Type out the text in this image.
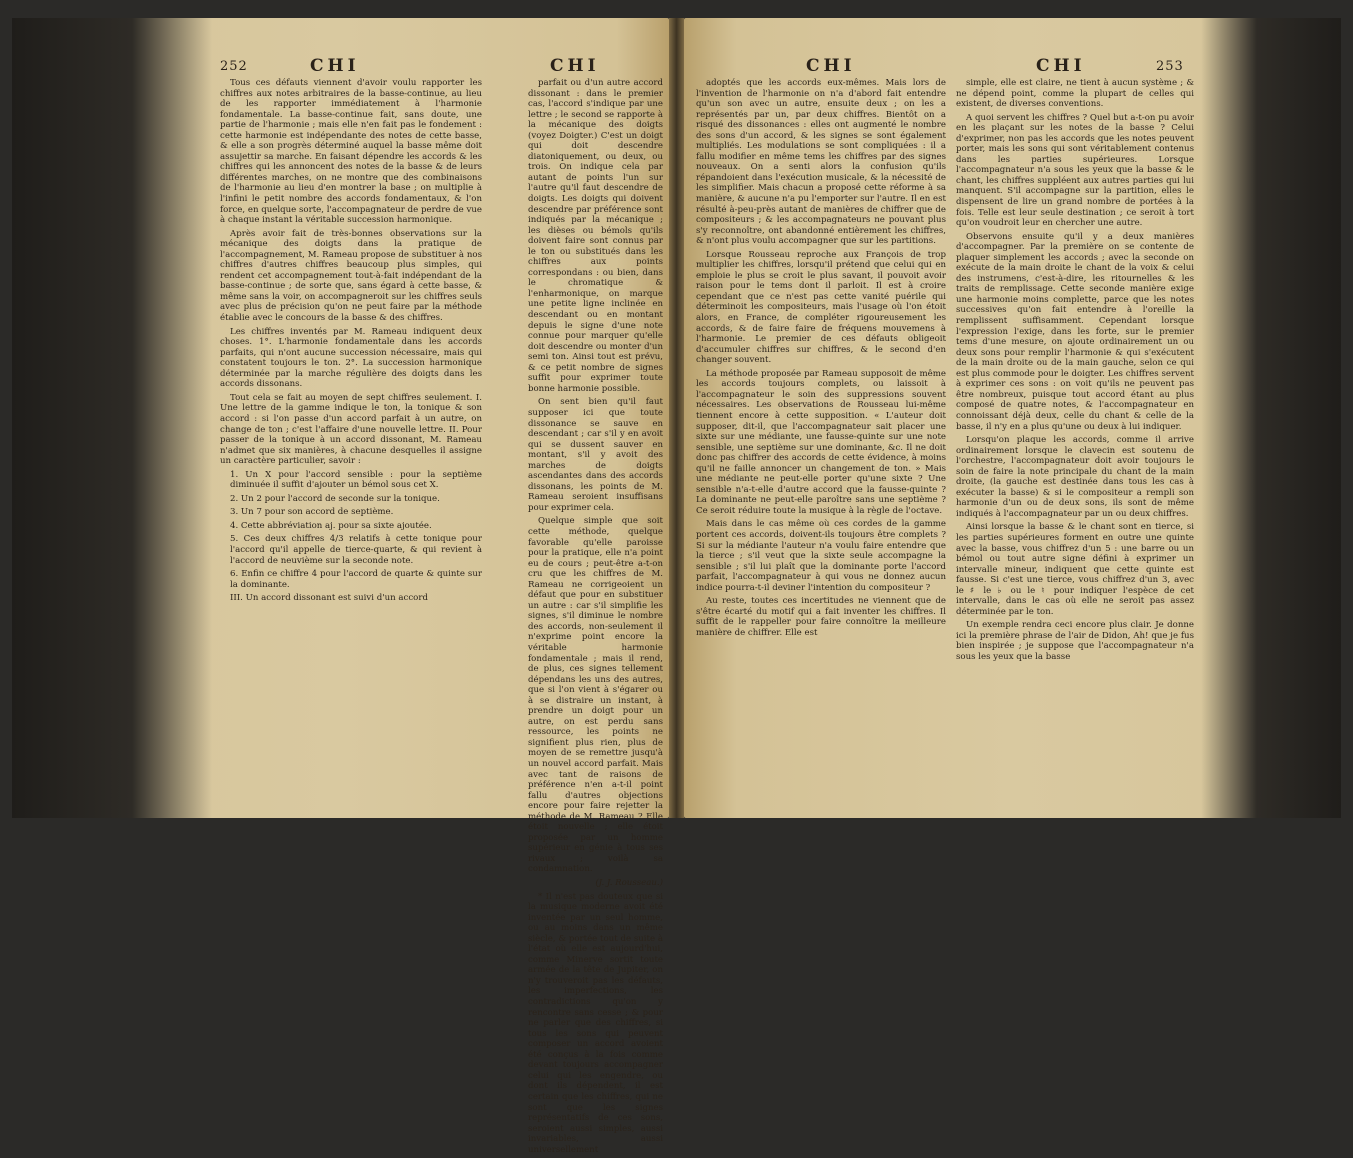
252	CHI	CHI

Tous ces défauts viennent d'avoir voulu rapporter les chiffres aux notes arbitraires de la basse-continue, au lieu de les rapporter immédiatement à l'harmonie fondamentale. La basse-continue fait, sans doute, une partie de l'harmonie ; mais elle n'en fait pas le fondement : cette harmonie est indépendante des notes de cette basse, & elle a son progrès déterminé auquel la basse même doit assujettir sa marche. En faisant dépendre les accords & les chiffres qui les annoncent des notes de la basse & de leurs différentes marches, on ne montre que des combinaisons de l'harmonie au lieu d'en montrer la base ; on multiplie à l'infini le petit nombre des accords fondamentaux, & l'on force, en quelque sorte, l'accompagnateur de perdre de vue à chaque instant la véritable succession harmonique.

Après avoir fait de très-bonnes observations sur la mécanique des doigts dans la pratique de l'accompagnement, M. Rameau propose de substituer à nos chiffres d'autres chiffres beaucoup plus simples, qui rendent cet accompagnement tout-à-fait indépendant de la basse-continue ; de sorte que, sans égard à cette basse, & même sans la voir, on accompagneroit sur les chiffres seuls avec plus de précision qu'on ne peut faire par la méthode établie avec le concours de la basse & des chiffres.

Les chiffres inventés par M. Rameau indiquent deux choses. 1°. L'harmonie fondamentale dans les accords parfaits, qui n'ont aucune succession nécessaire, mais qui constatent toujours le ton. 2°. La succession harmonique déterminée par la marche régulière des doigts dans les accords dissonans.

Tout cela se fait au moyen de sept chiffres seulement. I. Une lettre de la gamme indique le ton, la tonique & son accord : si l'on passe d'un accord parfait à un autre, on change de ton ; c'est l'affaire d'une nouvelle lettre. II. Pour passer de la tonique à un accord dissonant, M. Rameau n'admet que six manières, à chacune desquelles il assigne un caractère particulier, savoir :

1. Un X pour l'accord sensible : pour la septième diminuée il suffit d'ajouter un bémol sous cet X.

2. Un 2 pour l'accord de seconde sur la tonique.

3. Un 7 pour son accord de septième.

4. Cette abbréviation aj. pour sa sixte ajoutée.

5. Ces deux chiffres 4/3 relatifs à cette tonique pour l'accord qu'il appelle de tierce-quarte, & qui revient à l'accord de neuvième sur la seconde note.

6. Enfin ce chiffre 4 pour l'accord de quarte & quinte sur la dominante.

III. Un accord dissonant est suivi d'un accord

parfait ou d'un autre accord dissonant : dans le premier cas, l'accord s'indique par une lettre ; le second se rapporte à la mécanique des doigts (voyez Doigter.) C'est un doigt qui doit descendre diatoniquement, ou deux, ou trois. On indique cela par autant de points l'un sur l'autre qu'il faut descendre de doigts. Les doigts qui doivent descendre par préférence sont indiqués par la mécanique ; les dièses ou bémols qu'ils doivent faire sont connus par le ton ou substitués dans les chiffres aux points correspondans : ou bien, dans le chromatique & l'enharmonique, on marque une petite ligne inclinée en descendant ou en montant depuis le signe d'une note connue pour marquer qu'elle doit descendre ou monter d'un semi ton. Ainsi tout est prévu, & ce petit nombre de signes suffit pour exprimer toute bonne harmonie possible.

On sent bien qu'il faut supposer ici que toute dissonance se sauve en descendant ; car s'il y en avoit qui se dussent sauver en montant, s'il y avoit des marches de doigts ascendantes dans des accords dissonans, les points de M. Rameau seroient insuffisans pour exprimer cela.

Quelque simple que soit cette méthode, quelque favorable qu'elle paroisse pour la pratique, elle n'a point eu de cours ; peut-être a-t-on cru que les chiffres de M. Rameau ne corrigeoient un défaut que pour en substituer un autre : car s'il simplifie les signes, s'il diminue le nombre des accords, non-seulement il n'exprime point encore la véritable harmonie fondamentale ; mais il rend, de plus, ces signes tellement dépendans les uns des autres, que si l'on vient à s'égarer ou à se distraire un instant, à prendre un doigt pour un autre, on est perdu sans ressource, les points ne signifient plus rien, plus de moyen de se remettre jusqu'à un nouvel accord parfait. Mais avec tant de raisons de préférence n'en a-t-il point fallu d'autres objections encore pour faire rejetter la méthode de M. Rameau ? Elle étoit nouvelle ; elle étoit proposée par un homme supérieur en génie à tous ses rivaux ; voilà sa condamnation.

(J. J. Rousseau.)

* Il n'est pas douteux que si la musique moderne avoit été inventée par un seul homme, ou au moins dans un même siècle, & portée tout de suite à l'état où elle est aujourd'hui, comme Minerve sortit toute armée de la tête de Jupiter, on n'y trouveroit pas les défauts, les imperfections, les contradictions qu'on y rencontre sans cesse ; & pour ne parler que des chiffres, si tous les sons qui peuvent composer un accord avoient été conçus à la fois comme devant toujours accompagner celui qui les engendre, ou dont ils dépendent, il est certain que les chiffres, qui ne sont que les signes représentatifs de ces sons, seroient aussi simples, aussi invariables, aussi universellement

CHI	CHI	253

adoptés que les accords eux-mêmes. Mais lors de l'invention de l'harmonie on n'a d'abord fait entendre qu'un son avec un autre, ensuite deux ; on les a représentés par un, par deux chiffres. Bientôt on a risqué des dissonances : elles ont augmenté le nombre des sons d'un accord, & les signes se sont également multipliés. Les modulations se sont compliquées : il a fallu modifier en même tems les chiffres par des signes nouveaux. On a senti alors la confusion qu'ils répandoient dans l'exécution musicale, & la nécessité de les simplifier. Mais chacun a proposé cette réforme à sa manière, & aucune n'a pu l'emporter sur l'autre. Il en est résulté à-peu-près autant de manières de chiffrer que de compositeurs ; & les accompagnateurs ne pouvant plus s'y reconnoître, ont abandonné entièrement les chiffres, & n'ont plus voulu accompagner que sur les partitions.

Lorsque Rousseau reproche aux François de trop multiplier les chiffres, lorsqu'il prétend que celui qui en emploie le plus se croit le plus savant, il pouvoit avoir raison pour le tems dont il parloit. Il est à croire cependant que ce n'est pas cette vanité puérile qui déterminoit les compositeurs, mais l'usage où l'on étoit alors, en France, de compléter rigoureusement les accords, & de faire faire de fréquens mouvemens à l'harmonie. Le premier de ces défauts obligeoit d'accumuler chiffres sur chiffres, & le second d'en changer souvent.

La méthode proposée par Rameau supposoit de même les accords toujours complets, ou laissoit à l'accompagnateur le soin des suppressions souvent nécessaires. Les observations de Rousseau lui-même tiennent encore à cette supposition. « L'auteur doit supposer, dit-il, que l'accompagnateur sait placer une sixte sur une médiante, une fausse-quinte sur une note sensible, une septième sur une dominante, &c. Il ne doit donc pas chiffrer des accords de cette évidence, à moins qu'il ne faille annoncer un changement de ton. » Mais une médiante ne peut-elle porter qu'une sixte ? Une sensible n'a-t-elle d'autre accord que la fausse-quinte ? La dominante ne peut-elle paroître sans une septième ? Ce seroit réduire toute la musique à la règle de l'octave.

Mais dans le cas même où ces cordes de la gamme portent ces accords, doivent-ils toujours être complets ? Si sur la médiante l'auteur n'a voulu faire entendre que la tierce ; s'il veut que la sixte seule accompagne la sensible ; s'il lui plaît que la dominante porte l'accord parfait, l'accompagnateur à qui vous ne donnez aucun indice pourra-t-il deviner l'intention du compositeur ?

Au reste, toutes ces incertitudes ne viennent que de s'être écarté du motif qui a fait inventer les chiffres. Il suffit de le rappeller pour faire connoître la meilleure manière de chiffrer. Elle est

simple, elle est claire, ne tient à aucun système ; & ne dépend point, comme la plupart de celles qui existent, de diverses conventions.

A quoi servent les chiffres ? Quel but a-t-on pu avoir en les plaçant sur les notes de la basse ? Celui d'exprimer, non pas les accords que les notes peuvent porter, mais les sons qui sont véritablement contenus dans les parties supérieures. Lorsque l'accompagnateur n'a sous les yeux que la basse & le chant, les chiffres suppléent aux autres parties qui lui manquent. S'il accompagne sur la partition, elles le dispensent de lire un grand nombre de portées à la fois. Telle est leur seule destination ; ce seroit à tort qu'on voudroit leur en chercher une autre.

Observons ensuite qu'il y a deux manières d'accompagner. Par la première on se contente de plaquer simplement les accords ; avec la seconde on exécute de la main droite le chant de la voix & celui des instrumens, c'est-à-dire, les ritournelles & les traits de remplissage. Cette seconde manière exige une harmonie moins complette, parce que les notes successives qu'on fait entendre à l'oreille la remplissent suffisamment. Cependant lorsque l'expression l'exige, dans les forte, sur le premier tems d'une mesure, on ajoute ordinairement un ou deux sons pour remplir l'harmonie & qui s'exécutent de la main droite ou de la main gauche, selon ce qui est plus commode pour le doigter. Les chiffres servent à exprimer ces sons : on voit qu'ils ne peuvent pas être nombreux, puisque tout accord étant au plus composé de quatre notes, & l'accompagnateur en connoissant déjà deux, celle du chant & celle de la basse, il n'y en a plus qu'une ou deux à lui indiquer.

Lorsqu'on plaque les accords, comme il arrive ordinairement lorsque le clavecin est soutenu de l'orchestre, l'accompagnateur doit avoir toujours le soin de faire la note principale du chant de la main droite, (la gauche est destinée dans tous les cas à exécuter la basse) & si le compositeur a rempli son harmonie d'un ou de deux sons, ils sont de même indiqués à l'accompagnateur par un ou deux chiffres.

Ainsi lorsque la basse & le chant sont en tierce, si les parties supérieures forment en outre une quinte avec la basse, vous chiffrez d'un 5 : une barre ou un bémol ou tout autre signe défini à exprimer un intervalle mineur, indiquent que cette quinte est fausse. Si c'est une tierce, vous chiffrez d'un 3, avec le ♯ le ♭ ou le ♮ pour indiquer l'espèce de cet intervalle, dans le cas où elle ne seroit pas assez déterminée par le ton.

Un exemple rendra ceci encore plus clair. Je donne ici la première phrase de l'air de Didon, Ah! que je fus bien inspirée ; je suppose que l'accompagnateur n'a sous les yeux que la basse
